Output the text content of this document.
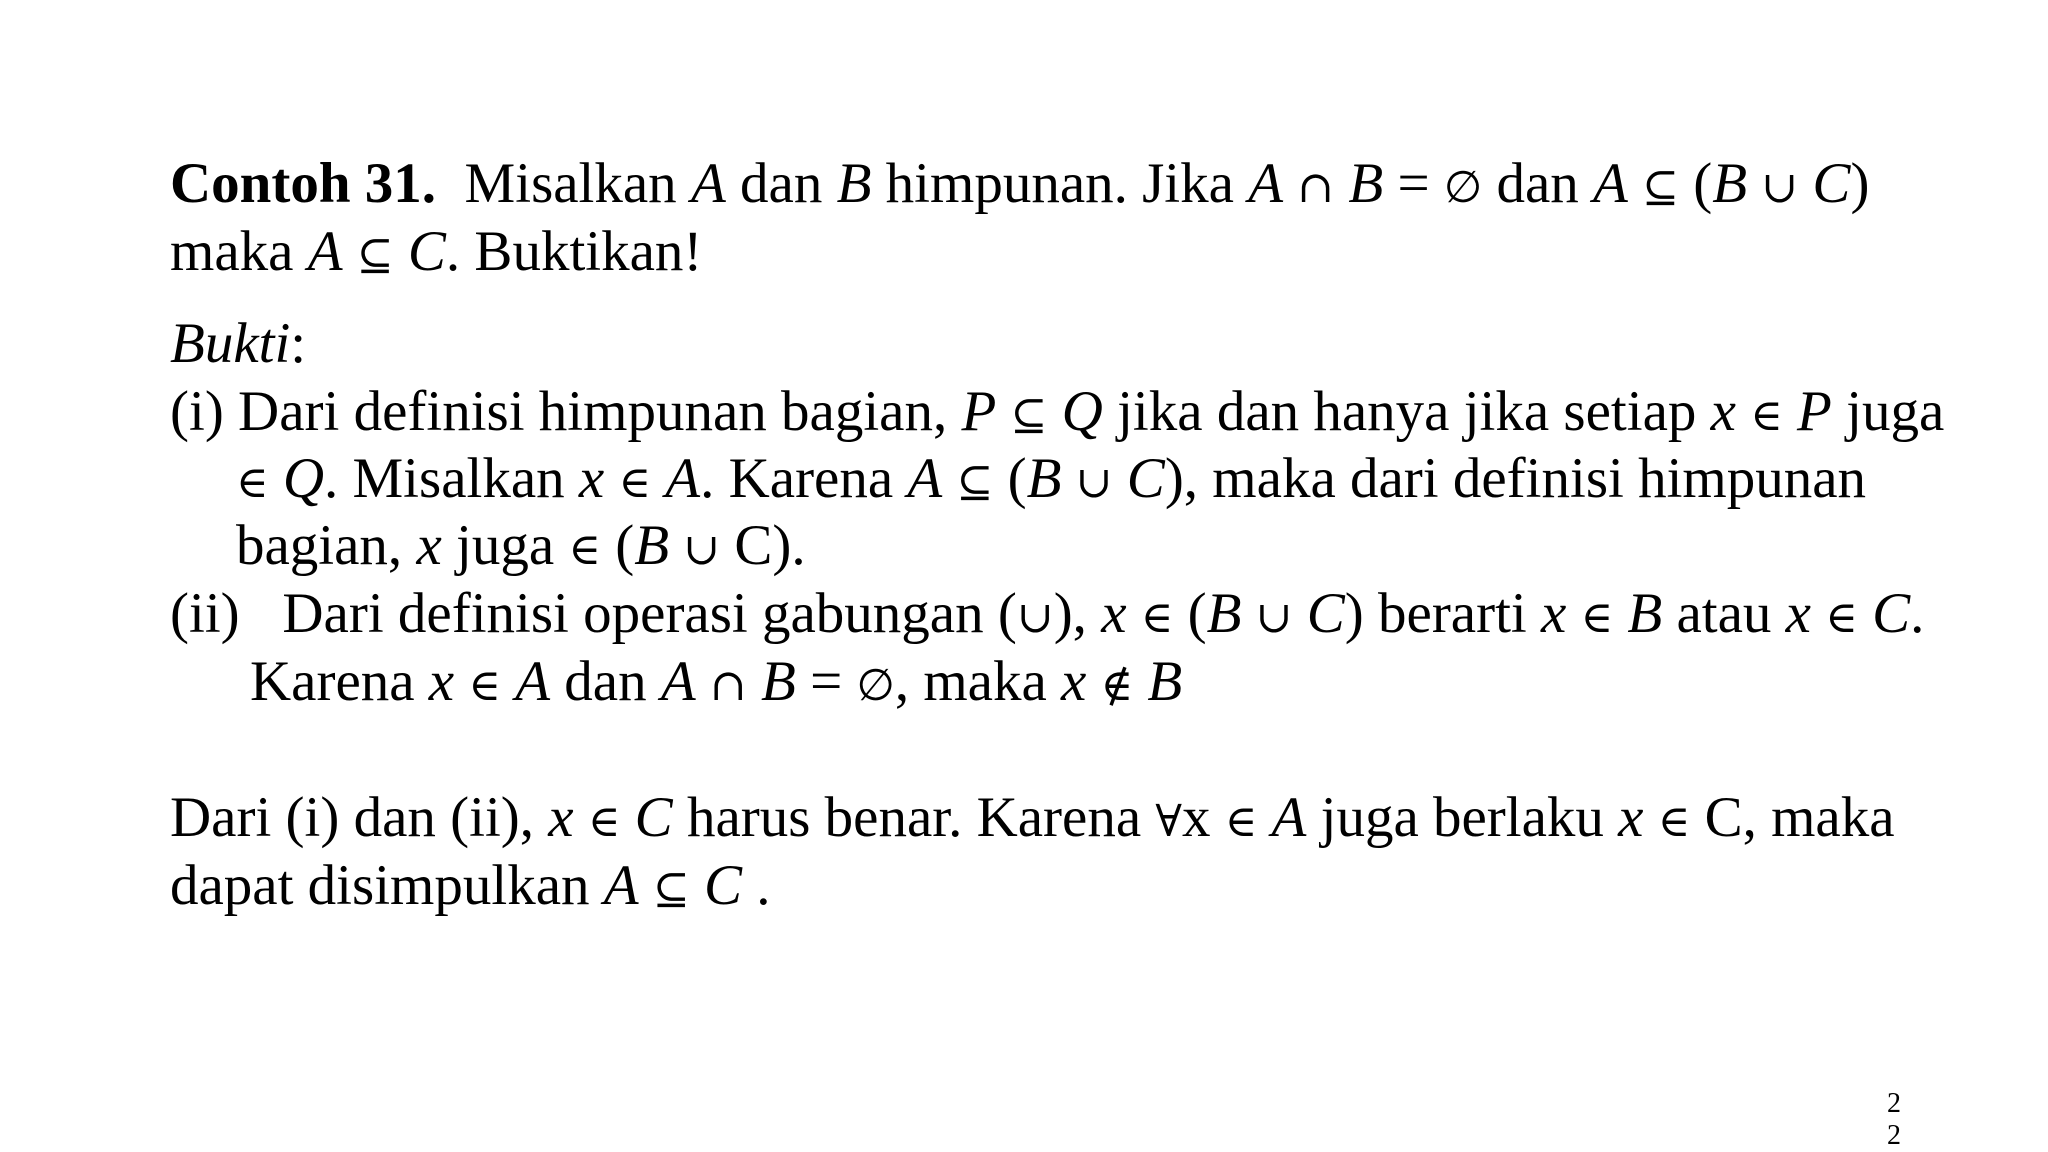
Contoh 31. Misalkan A dan B himpunan. Jika A ∩ B = ∅ dan A ⊆ (B ∪ C)
maka A ⊆ C. Buktikan!
Bukti:
(i) Dari definisi himpunan bagian, P ⊆ Q jika dan hanya jika setiap x ∈ P juga
∈ Q. Misalkan x ∈ A. Karena A ⊆ (B ∪ C), maka dari definisi himpunan
bagian, x juga ∈ (B ∪ C).
(ii) Dari definisi operasi gabungan (∪), x ∈ (B ∪ C) berarti x ∈ B atau x ∈ C.
Karena x ∈ A dan A ∩ B = ∅, maka x ∉ B
Dari (i) dan (ii), x ∈ C harus benar. Karena ∀x ∈ A juga berlaku x ∈ C, maka
dapat disimpulkan A ⊆ C .
2
2
